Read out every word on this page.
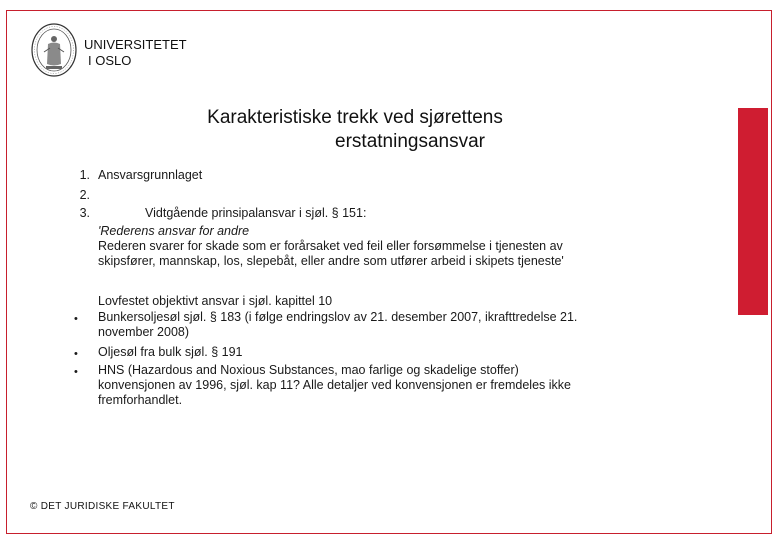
UNIVERSITETET
I OSLO
Karakteristiske trekk ved sjørettens
erstatningsansvar
1. Ansvarsgrunnlaget
2.
3.	Vidtgående prinsipalansvar i sjøl. § 151:
'Rederens ansvar for andre
Rederen svarer for skade som er forårsaket ved feil eller forsømmelse i tjenesten av
skipsfører, mannskap, los, slepebåt, eller andre som utfører arbeid i skipets tjeneste'
Lovfestet objektivt ansvar i sjøl. kapittel 10
• Bunkersoljesøl sjøl. § 183 (i følge endringslov av 21. desember 2007, ikrafttredelse 21.
november 2008)
• Oljesøl fra bulk sjøl. § 191
• HNS (Hazardous and Noxious Substances, mao farlige og skadelige stoffer)
konvensjonen av 1996, sjøl. kap 11? Alle detaljer ved konvensjonen er fremdeles ikke
fremforhandlet.
© DET JURIDISKE FAKULTET
